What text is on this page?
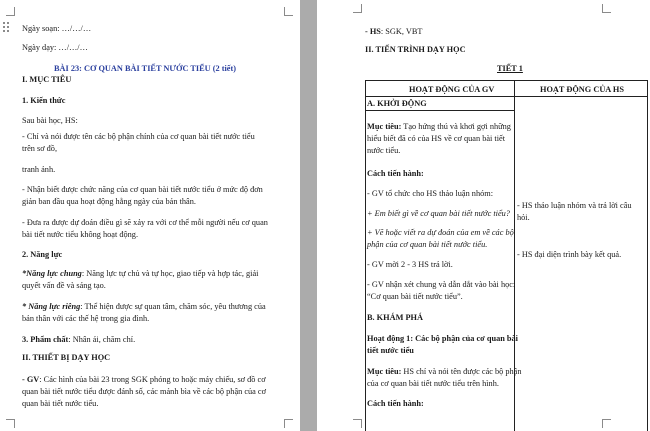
Ngày soạn: …/…/…
Ngày dạy: …/…/…
BÀI 23: CƠ QUAN BÀI TIẾT NƯỚC TIỂU (2 tiết)
I. MỤC TIÊU
1. Kiến thức
Sau bài học, HS:
- Chỉ và nói được tên các bộ phận chính của cơ quan bài tiết nước tiểu
trên sơ đồ,
tranh ảnh.
- Nhận biết được chức năng của cơ quan bài tiết nước tiểu ở mức độ đơn
giản ban đầu qua hoạt động hằng ngày của bản thân.
- Đưa ra được dự đoán điều gì sẽ xảy ra với cơ thể mỗi người nếu cơ quan
bài tiết nước tiểu không hoạt động.
2. Năng lực
*Năng lực chung: Năng lực tự chủ và tự học, giao tiếp và hợp tác, giải
quyết vấn đề và sáng tạo.
* Năng lực riêng: Thể hiện được sự quan tâm, chăm sóc, yêu thương của
bản thân với các thế hệ trong gia đình.
3. Phẩm chất: Nhân ái, chăm chỉ.
II. THIẾT BỊ DẠY HỌC
- GV: Các hình của bài 23 trong SGK phóng to hoặc máy chiếu, sơ đồ cơ
quan bài tiết nước tiểu được đánh số, các mảnh bìa về các bộ phận của cơ
quan bài tiết nước tiểu.
- HS: SGK, VBT
II. TIẾN TRÌNH DẠY HỌC
TIẾT 1
HOẠT ĐỘNG CỦA GV	HOẠT ĐỘNG CỦA HS
A. KHỞI ĐỘNG
Mục tiêu: Tạo hứng thú và khơi gợi những
hiểu biết đã có của HS về cơ quan bài tiết
nước tiểu.
Cách tiến hành:
- GV tổ chức cho HS thảo luận nhóm:
+ Em biết gì về cơ quan bài tiết nước tiểu?
+ Vẽ hoặc viết ra dự đoán của em về các bộ
phận của cơ quan bài tiết nước tiểu.
- GV mời 2 - 3 HS trả lời.
- GV nhận xét chung và dẫn dắt vào bài học:
“Cơ quan bài tiết nước tiểu”.
- HS thảo luận nhóm và trả lời câu
hỏi.
- HS đại diện trình bày kết quả.
B. KHÁM PHÁ
Hoạt động 1: Các bộ phận của cơ quan bài
tiết nước tiểu
Mục tiêu: HS chỉ và nói tên được các bộ phận
của cơ quan bài tiết nước tiểu trên hình.
Cách tiến hành:
